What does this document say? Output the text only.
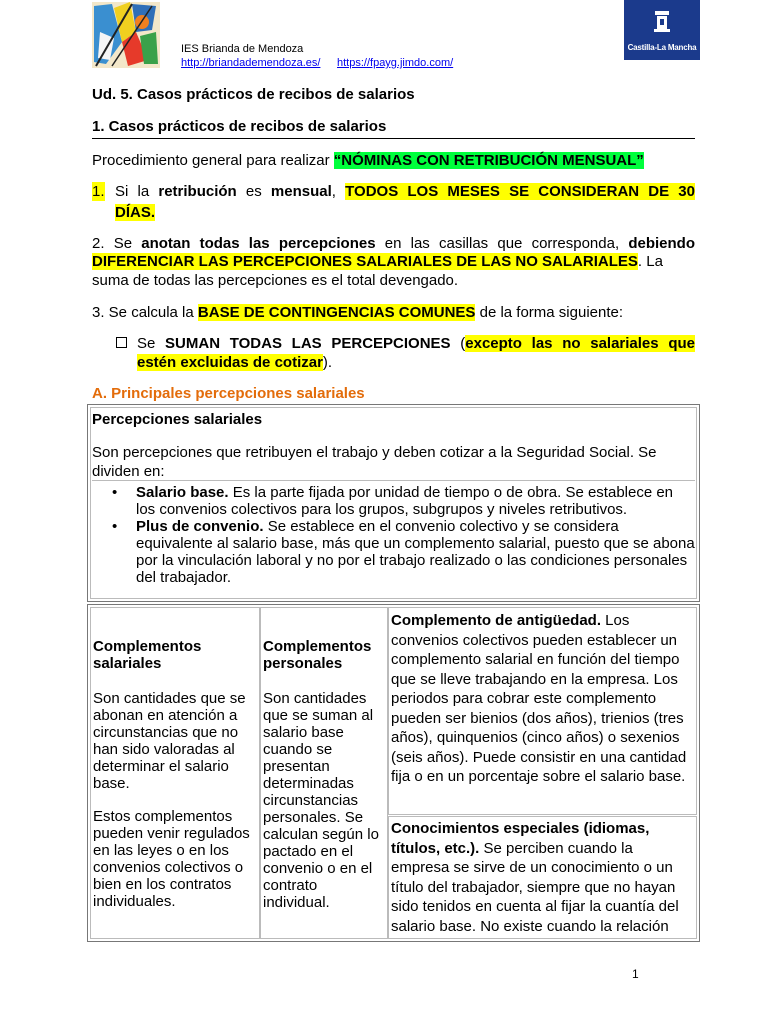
IES Brianda de Mendoza
http://briandademendoza.es/ https://fpayg.jimdo.com/
Castilla-La Mancha
Ud. 5. Casos prácticos de recibos de salarios
1. Casos prácticos de recibos de salarios
Procedimiento general para realizar “NÓMINAS CON RETRIBUCIÓN MENSUAL”
1. Si la retribución es mensual, TODOS LOS MESES SE CONSIDERAN DE 30
DÍAS.
2. Se anotan todas las percepciones en las casillas que corresponda, debiendo
DIFERENCIAR LAS PERCEPCIONES SALARIALES DE LAS NO SALARIALES. La
suma de todas las percepciones es el total devengado.
3. Se calcula la BASE DE CONTINGENCIAS COMUNES de la forma siguiente:
Se SUMAN TODAS LAS PERCEPCIONES (excepto las no salariales que
estén excluidas de cotizar).
A. Principales percepciones salariales
Percepciones salariales
Son percepciones que retribuyen el trabajo y deben cotizar a la Seguridad Social. Se dividen en:
• Salario base. Es la parte fijada por unidad de tiempo o de obra. Se establece en los convenios colectivos para los grupos, subgrupos y niveles retributivos.
• Plus de convenio. Se establece en el convenio colectivo y se considera equivalente al salario base, más que un complemento salarial, puesto que se abona por la vinculación laboral y no por el trabajo realizado o las condiciones personales del trabajador.
Complementos salariales
Son cantidades que se abonan en atención a circunstancias que no han sido valoradas al determinar el salario base.
Estos complementos pueden venir regulados en las leyes o en los convenios colectivos o bien en los contratos individuales.
Complementos personales
Son cantidades que se suman al salario base cuando se presentan determinadas circunstancias personales. Se calculan según lo pactado en el convenio o en el contrato individual.
Complemento de antigüedad. Los convenios colectivos pueden establecer un complemento salarial en función del tiempo que se lleve trabajando en la empresa. Los periodos para cobrar este complemento pueden ser bienios (dos años), trienios (tres años), quinquenios (cinco años) o sexenios (seis años). Puede consistir en una cantidad fija o en un porcentaje sobre el salario base.
Conocimientos especiales (idiomas, títulos, etc.). Se perciben cuando la empresa se sirve de un conocimiento o un título del trabajador, siempre que no hayan sido tenidos en cuenta al fijar la cuantía del salario base. No existe cuando la relación
1
